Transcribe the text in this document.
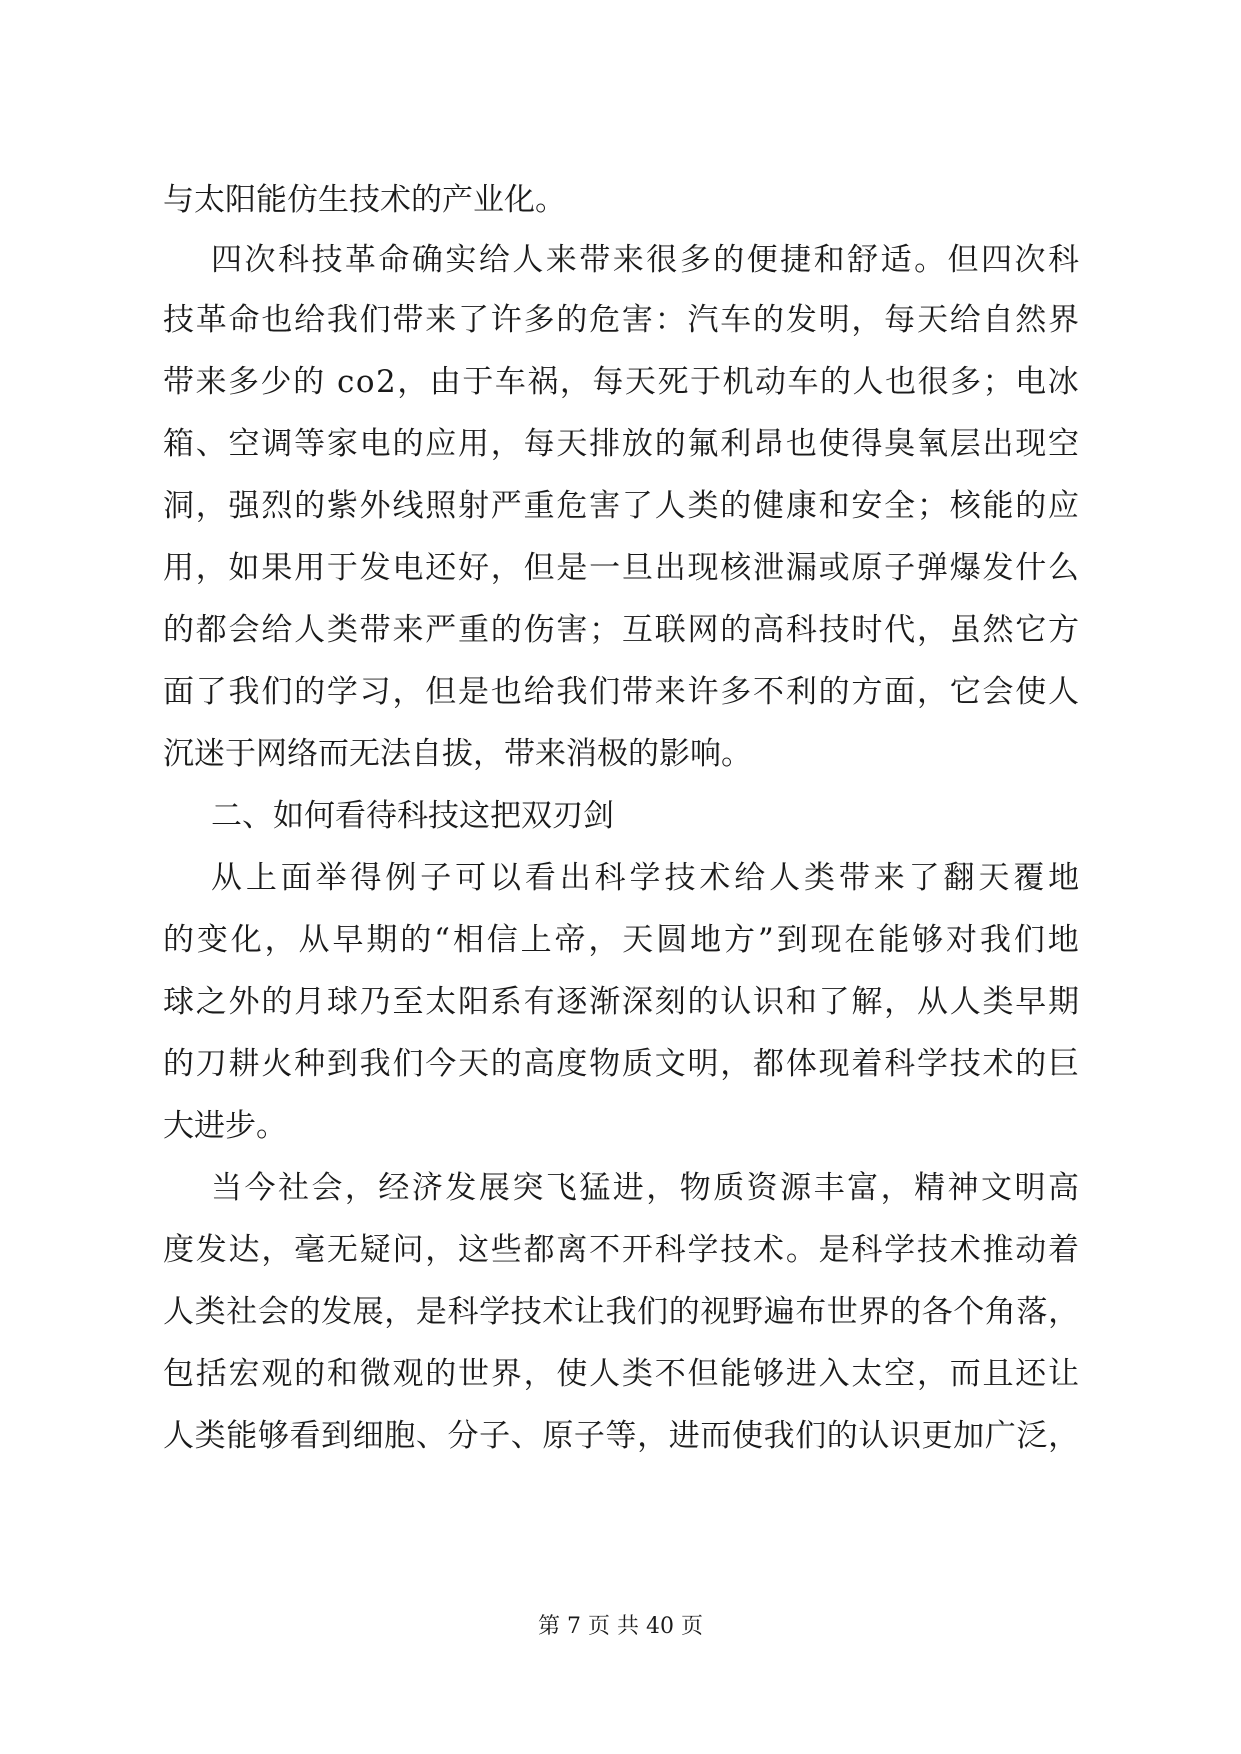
与太阳能仿生技术的产业化。
四次科技革命确实给人来带来很多的便捷和舒适。但四次科
技革命也给我们带来了许多的危害：汽车的发明，每天给自然界
带来多少的 co2，由于车祸，每天死于机动车的人也很多；电冰
箱、空调等家电的应用，每天排放的氟利昂也使得臭氧层出现空
洞，强烈的紫外线照射严重危害了人类的健康和安全；核能的应
用，如果用于发电还好，但是一旦出现核泄漏或原子弹爆发什么
的都会给人类带来严重的伤害；互联网的高科技时代，虽然它方
面了我们的学习，但是也给我们带来许多不利的方面，它会使人
沉迷于网络而无法自拔，带来消极的影响。
二、如何看待科技这把双刃剑
从上面举得例子可以看出科学技术给人类带来了翻天覆地
的变化，从早期的“相信上帝，天圆地方”到现在能够对我们地
球之外的月球乃至太阳系有逐渐深刻的认识和了解，从人类早期
的刀耕火种到我们今天的高度物质文明，都体现着科学技术的巨
大进步。
当今社会，经济发展突飞猛进，物质资源丰富，精神文明高
度发达，毫无疑问，这些都离不开科学技术。是科学技术推动着
人类社会的发展，是科学技术让我们的视野遍布世界的各个角落，
包括宏观的和微观的世界，使人类不但能够进入太空，而且还让
人类能够看到细胞、分子、原子等，进而使我们的认识更加广泛，
第 7 页 共 40 页
